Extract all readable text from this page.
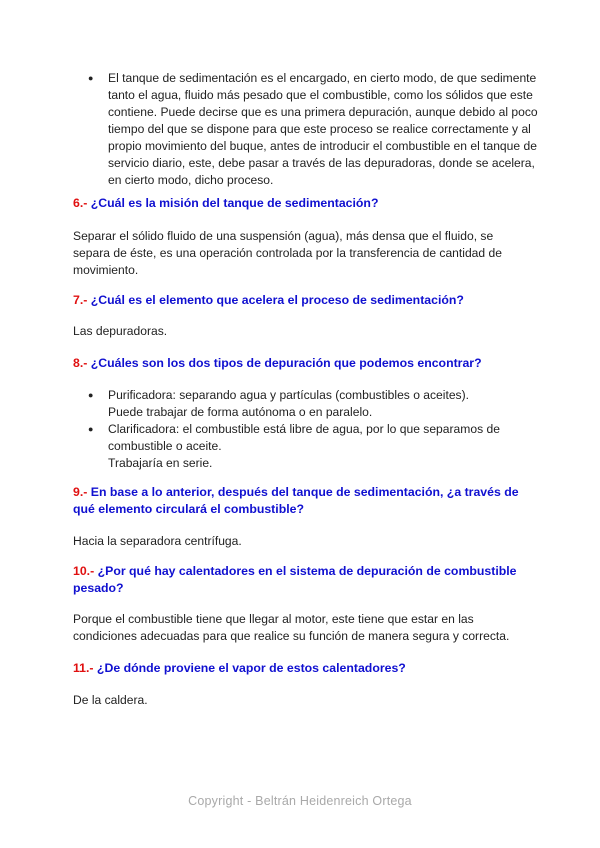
● El tanque de sedimentación es el encargado, en cierto modo, de que sedimente tanto el agua, fluido más pesado que el combustible, como los sólidos que este contiene. Puede decirse que es una primera depuración, aunque debido al poco tiempo del que se dispone para que este proceso se realice correctamente y al propio movimiento del buque, antes de introducir el combustible en el tanque de servicio diario, este, debe pasar a través de las depuradoras, donde se acelera, en cierto modo, dicho proceso.
6.- ¿Cuál es la misión del tanque de sedimentación?
Separar el sólido fluido de una suspensión (agua), más densa que el fluido, se separa de éste, es una operación controlada por la transferencia de cantidad de movimiento.
7.- ¿Cuál es el elemento que acelera el proceso de sedimentación?
Las depuradoras.
8.- ¿Cuáles son los dos tipos de depuración que podemos encontrar?
● Purificadora: separando agua y partículas (combustibles o aceites).
Puede trabajar de forma autónoma o en paralelo.
● Clarificadora: el combustible está libre de agua, por lo que separamos de combustible o aceite.
Trabajaría en serie.
9.- En base a lo anterior, después del tanque de sedimentación, ¿a través de qué elemento circulará el combustible?
Hacia la separadora centrífuga.
10.- ¿Por qué hay calentadores en el sistema de depuración de combustible pesado?
Porque el combustible tiene que llegar al motor, este tiene que estar en las condiciones adecuadas para que realice su función de manera segura y correcta.
11.- ¿De dónde proviene el vapor de estos calentadores?
De la caldera.
Copyright - Beltrán Heidenreich Ortega
